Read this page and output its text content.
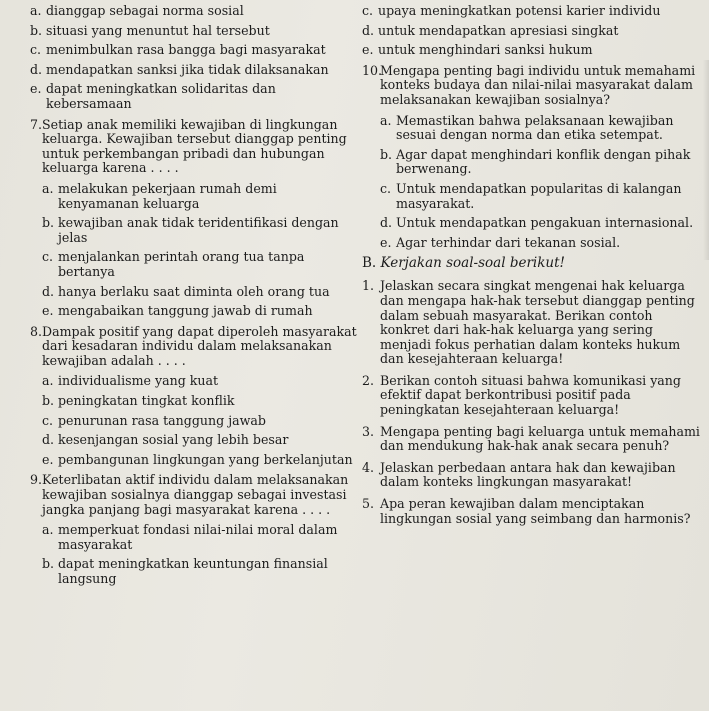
a. dianggap sebagai norma sosial
b. situasi yang menuntut hal tersebut
c. menimbulkan rasa bangga bagi masyarakat
d. mendapatkan sanksi jika tidak dilaksanakan
e. dapat meningkatkan solidaritas dan kebersamaan
7.Setiap anak memiliki kewajiban di lingkungan keluarga. Kewajiban tersebut dianggap penting untuk perkembangan pribadi dan hubungan keluarga karena . . . .
a. melakukan pekerjaan rumah demi kenyamanan keluarga
b. kewajiban anak tidak teridentifikasi dengan jelas
c. menjalankan perintah orang tua tanpa bertanya
d. hanya berlaku saat diminta oleh orang tua
e. mengabaikan tanggung jawab di rumah
8.Dampak positif yang dapat diperoleh masyarakat dari kesadaran individu dalam melaksanakan kewajiban adalah . . . .
a. individualisme yang kuat
b. peningkatan tingkat konflik
c. penurunan rasa tanggung jawab
d. kesenjangan sosial yang lebih besar
e. pembangunan lingkungan yang berkelanjutan
9.Keterlibatan aktif individu dalam melaksanakan kewajiban sosialnya dianggap sebagai investasi jangka panjang bagi masyarakat karena . . . .
a. memperkuat fondasi nilai-nilai moral dalam masyarakat
b. dapat meningkatkan keuntungan finansial langsung
c. upaya meningkatkan potensi karier individu
d. untuk mendapatkan apresiasi singkat
e. untuk menghindari sanksi hukum
10.Mengapa penting bagi individu untuk memahami konteks budaya dan nilai-nilai masyarakat dalam melaksanakan kewajiban sosialnya?
a. Memastikan bahwa pelaksanaan kewajiban sesuai dengan norma dan etika setempat.
b. Agar dapat menghindari konflik dengan pihak berwenang.
c. Untuk mendapatkan popularitas di kalangan masyarakat.
d. Untuk mendapatkan pengakuan internasional.
e. Agar terhindar dari tekanan sosial.
B. Kerjakan soal-soal berikut!
1. Jelaskan secara singkat mengenai hak keluarga dan mengapa hak-hak tersebut dianggap penting dalam sebuah masyarakat. Berikan contoh konkret dari hak-hak keluarga yang sering menjadi fokus perhatian dalam konteks hukum dan kesejahteraan keluarga!
2. Berikan contoh situasi bahwa komunikasi yang efektif dapat berkontribusi positif pada peningkatan kesejahteraan keluarga!
3. Mengapa penting bagi keluarga untuk memahami dan mendukung hak-hak anak secara penuh?
4. Jelaskan perbedaan antara hak dan kewajiban dalam konteks lingkungan masyarakat!
5. Apa peran kewajiban dalam menciptakan lingkungan sosial yang seimbang dan harmonis?
